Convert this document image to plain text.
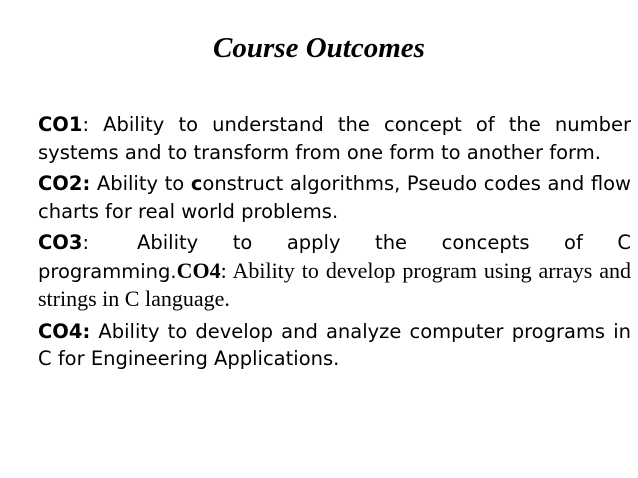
Course Outcomes

CO1: Ability to understand the concept of the number systems and to transform from one form to another form.

CO2: Ability to construct algorithms, Pseudo codes and flow charts for real world problems.

CO3: Ability to apply the concepts of C programming.CO4: Ability to develop program using arrays and strings in C language.

CO4: Ability to develop and analyze computer programs in C for Engineering Applications.
